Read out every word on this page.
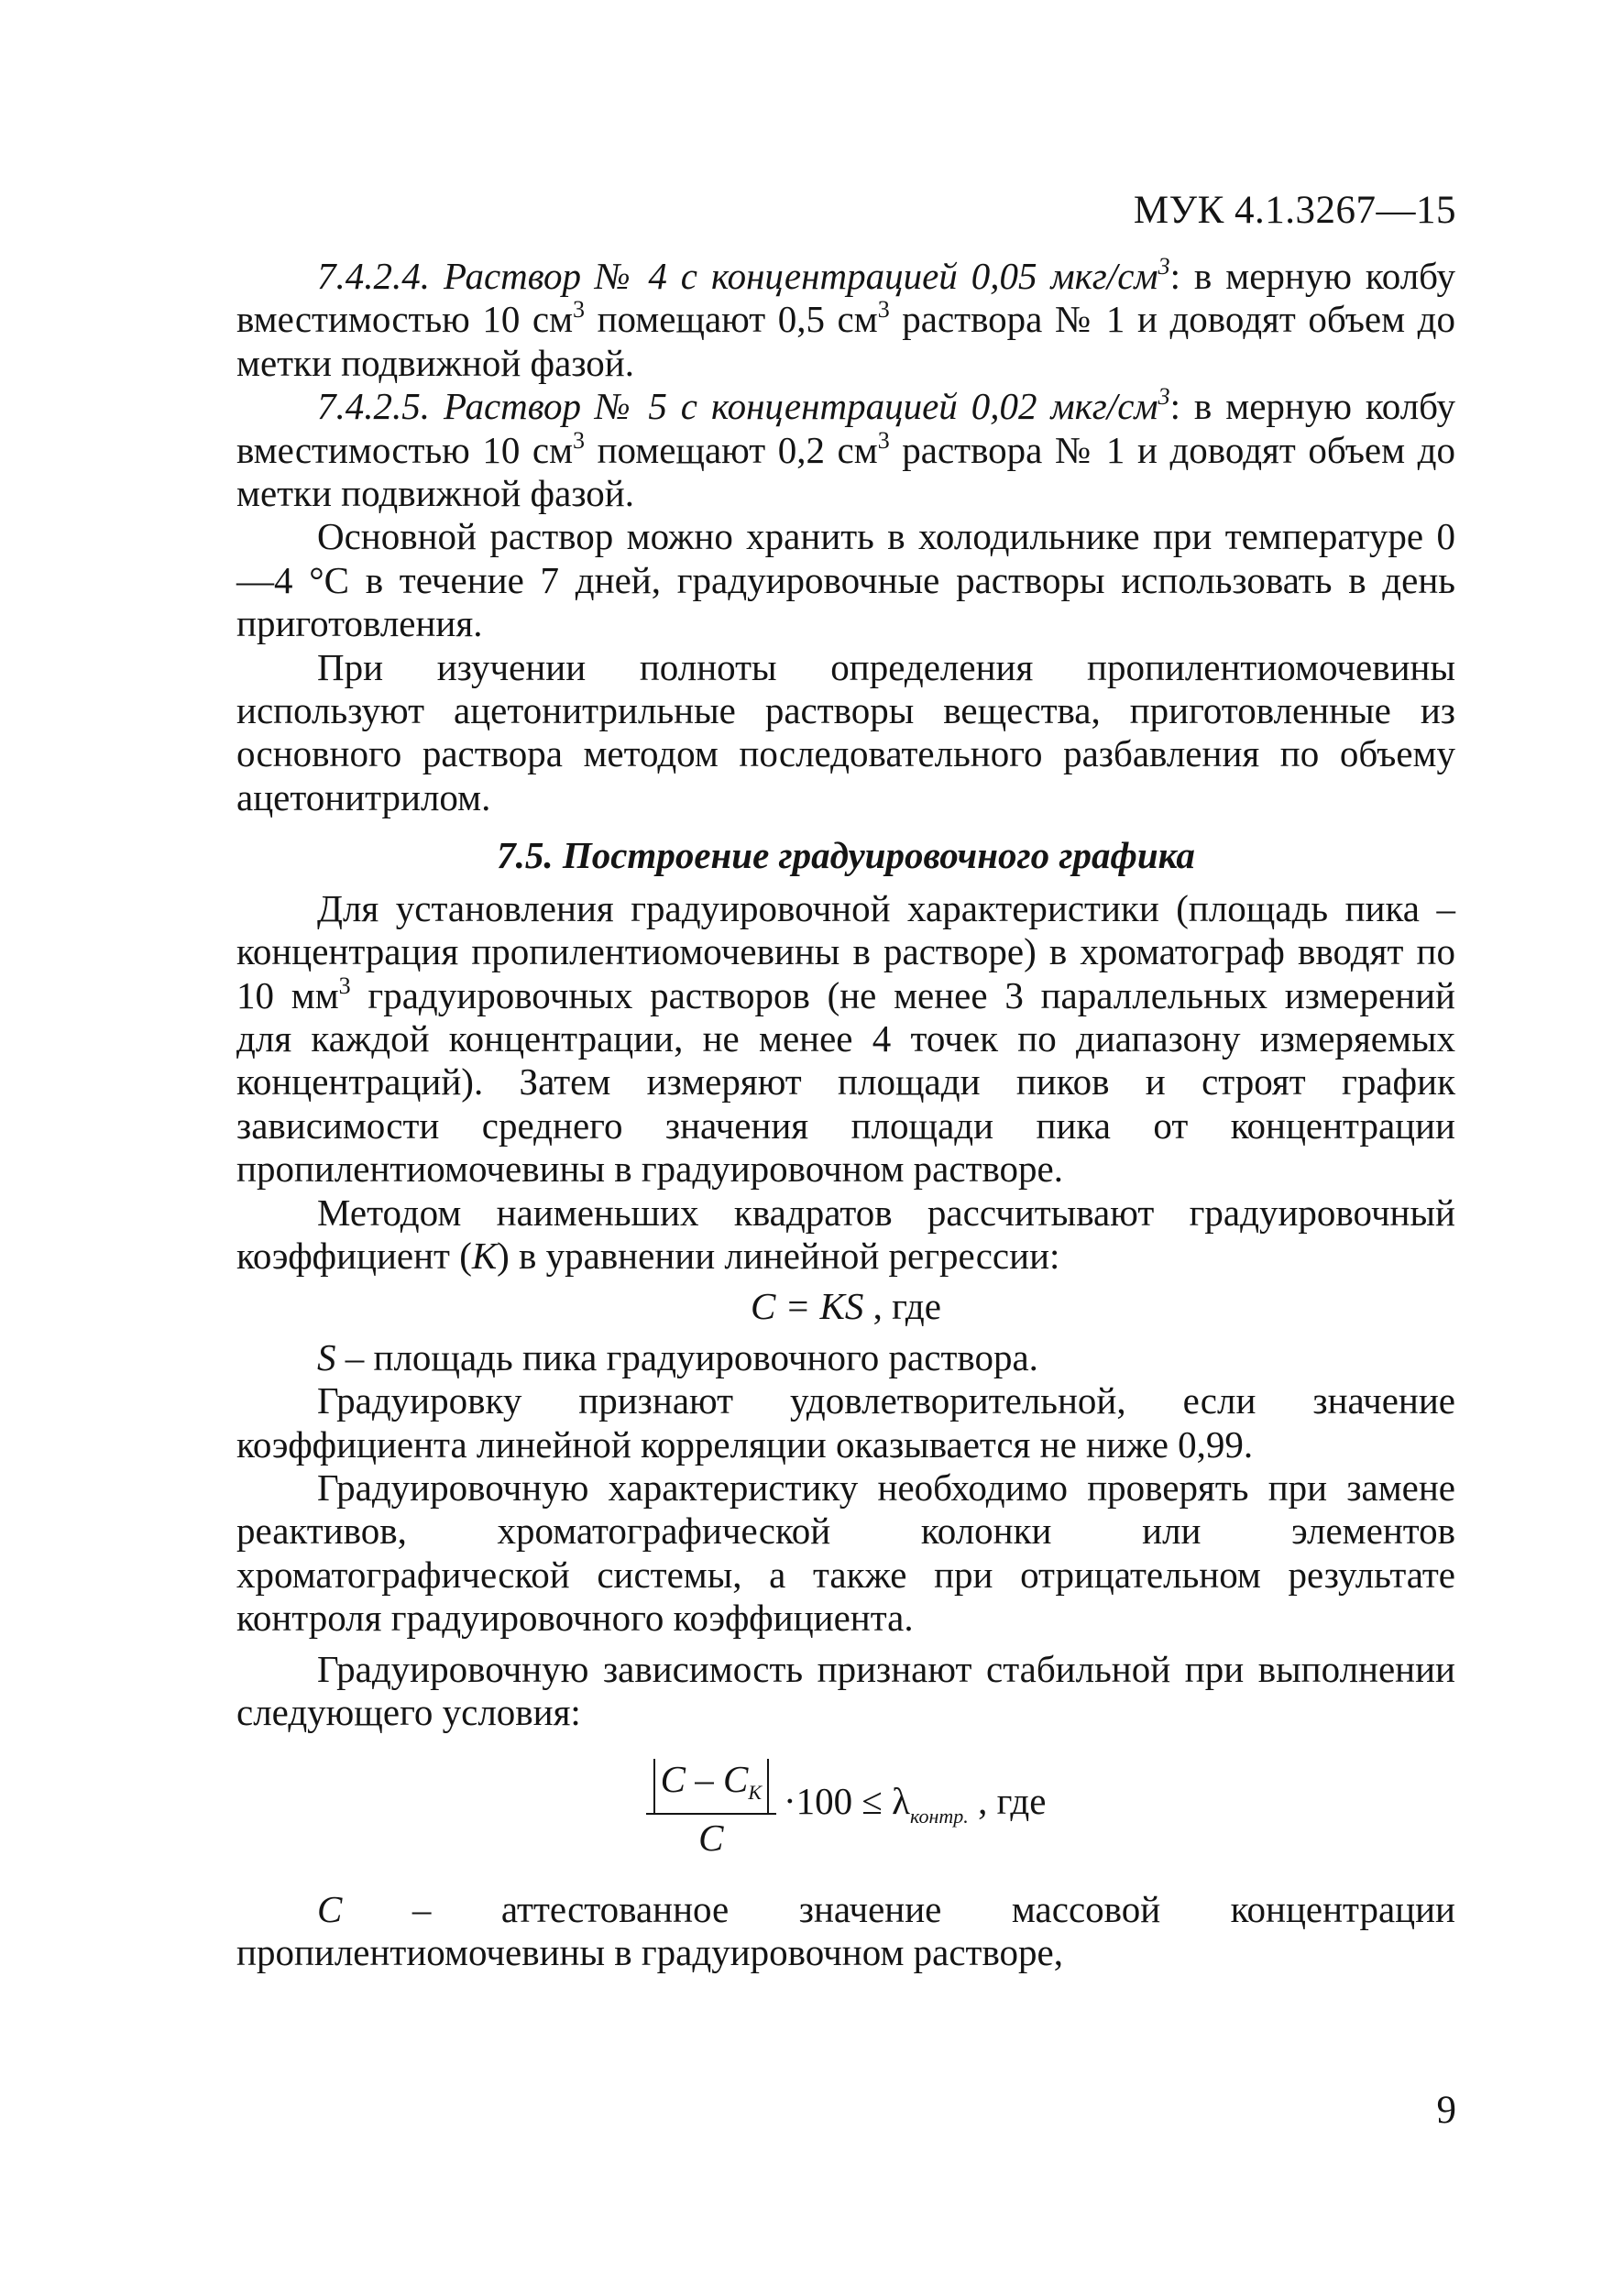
МУК 4.1.3267—15

7.4.2.4. Раствор № 4 с концентрацией 0,05 мкг/$см^3$: в мерную колбу вместимостью 10 $см^3$ помещают 0,5 $см^3$ раствора № 1 и доводят объем до метки подвижной фазой.

7.4.2.5. Раствор № 5 с концентрацией 0,02 мкг/$см^3$: в мерную колбу вместимостью 10 $см^3$ помещают 0,2 $см^3$ раствора № 1 и доводят объем до метки подвижной фазой.

Основной раствор можно хранить в холодильнике при температуре 0—4 °С в течение 7 дней, градуировочные растворы использовать в день приготовления.

При изучении полноты определения пропилентиомочевины используют ацетонитрильные растворы вещества, приготовленные из основного раствора методом последовательного разбавления по объему ацетонитрилом.

7.5. Построение градуировочного графика

Для установления градуировочной характеристики (площадь пика – концентрация пропилентиомочевины в растворе) в хроматограф вводят по 10 $мм^3$ градуировочных растворов (не менее 3 параллельных измерений для каждой концентрации, не менее 4 точек по диапазону измеряемых концентраций). Затем измеряют площади пиков и строят график зависимости среднего значения площади пика от концентрации пропилентиомочевины в градуировочном растворе.

Методом наименьших квадратов рассчитывают градуировочный коэффициент (К) в уравнении линейной регрессии:

C = KS , где

S – площадь пика градуировочного раствора.

Градуировку признают удовлетворительной, если значение коэффициента линейной корреляции оказывается не ниже 0,99.

Градуировочную характеристику необходимо проверять при замене реактивов, хроматографической колонки или элементов хроматографической системы, а также при отрицательном результате контроля градуировочного коэффициента.

Градуировочную зависимость признают стабильной при выполнении следующего условия:

$\frac{C - C_K}{C} \cdot 100 \le \lambda_{контр.}$ , где

C – аттестованное значение массовой концентрации пропилентиомочевины в градуировочном растворе,

9
